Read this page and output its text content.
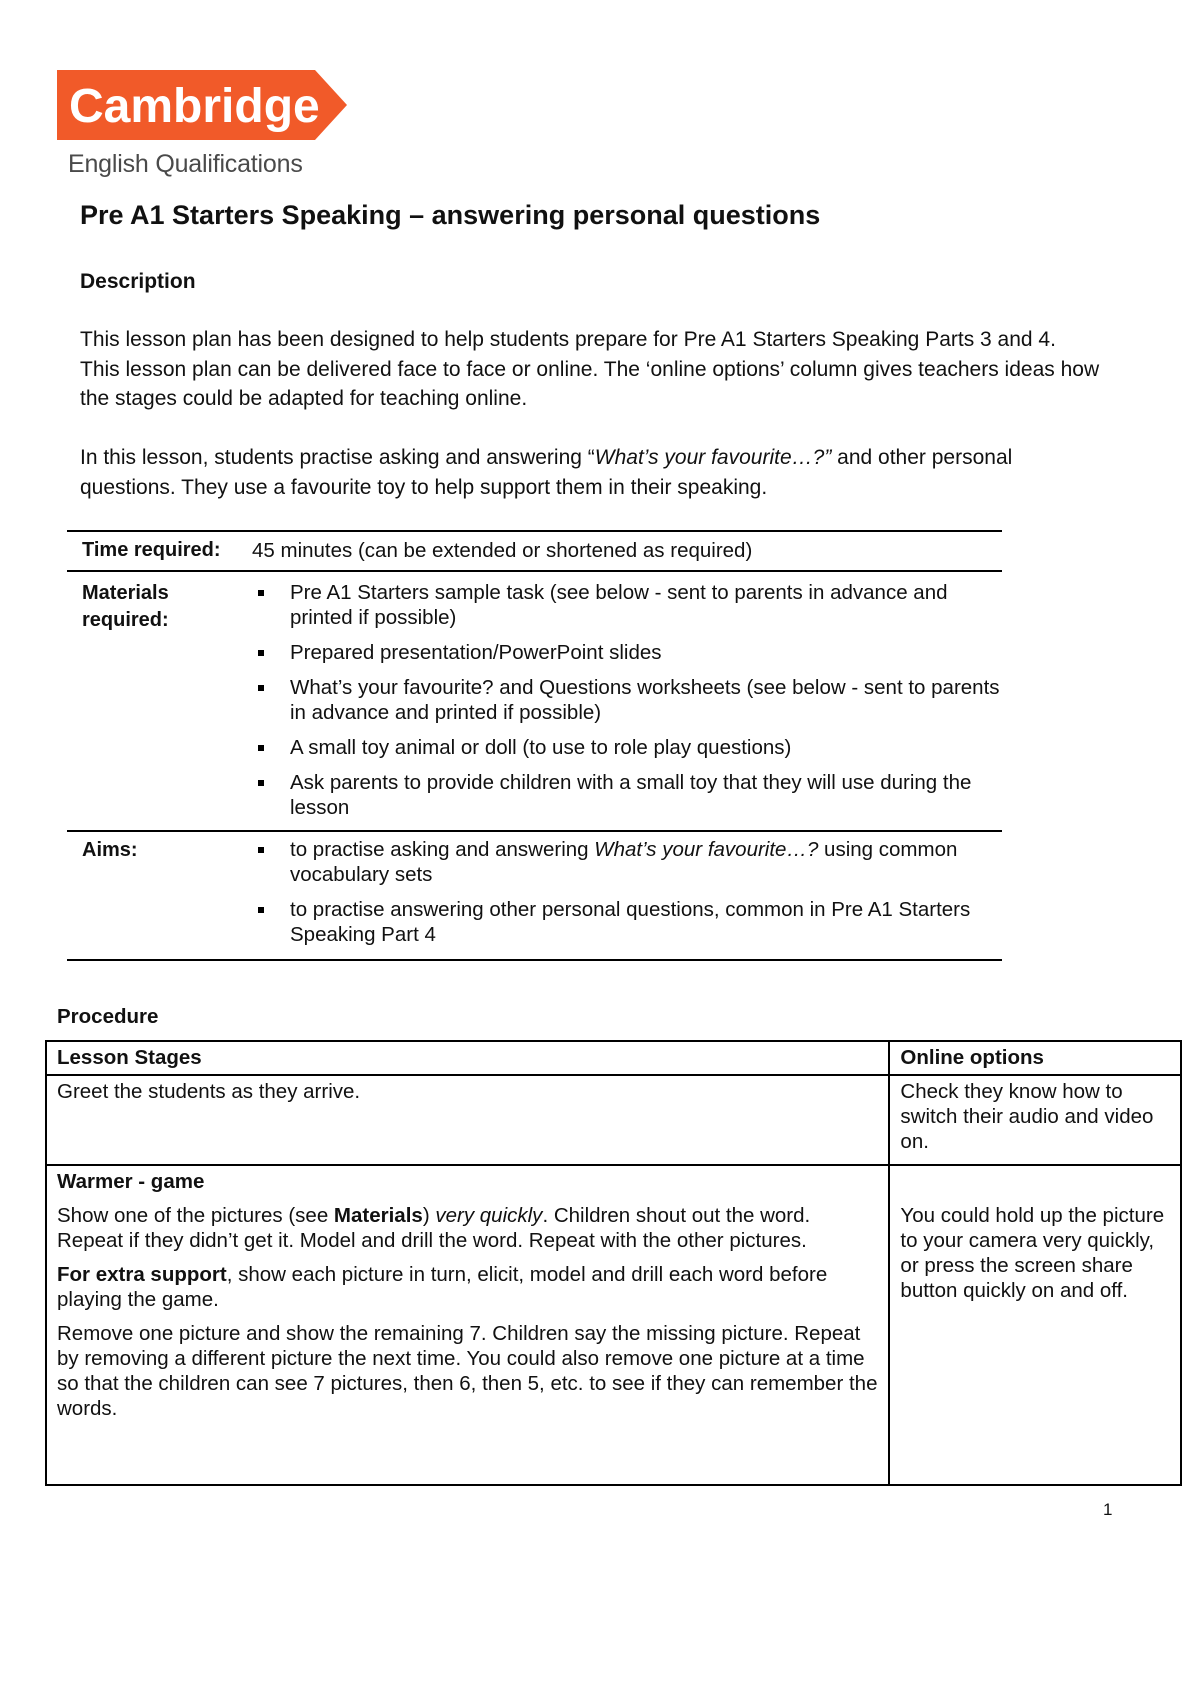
Cambridge
English Qualifications
Pre A1 Starters Speaking – answering personal questions
Description
This lesson plan has been designed to help students prepare for Pre A1 Starters Speaking Parts 3 and 4. This lesson plan can be delivered face to face or online. The ‘online options’ column gives teachers ideas how the stages could be adapted for teaching online.
In this lesson, students practise asking and answering “What’s your favourite…?” and other personal questions. They use a favourite toy to help support them in their speaking.
Time required:	45 minutes (can be extended or shortened as required)
Materials required:
Pre A1 Starters sample task (see below - sent to parents in advance and printed if possible)
Prepared presentation/PowerPoint slides
What’s your favourite? and Questions worksheets (see below - sent to parents in advance and printed if possible)
A small toy animal or doll (to use to role play questions)
Ask parents to provide children with a small toy that they will use during the lesson
Aims:	to practise asking and answering What’s your favourite…? using common vocabulary sets
to practise answering other personal questions, common in Pre A1 Starters Speaking Part 4
Procedure
Lesson Stages	Online options
Greet the students as they arrive.	Check they know how to switch their audio and video on.

Warmer - game

Show one of the pictures (see Materials) very quickly. Children shout out the word. Repeat if they didn’t get it. Model and drill the word. Repeat with the other pictures.

For extra support, show each picture in turn, elicit, model and drill each word before playing the game.

Remove one picture and show the remaining 7. Children say the missing picture. Repeat by removing a different picture the next time. You could also remove one picture at a time so that the children can see 7 pictures, then 6, then 5, etc. to see if they can remember the words.	You could hold up the picture to your camera very quickly, or press the screen share button quickly on and off.
1
